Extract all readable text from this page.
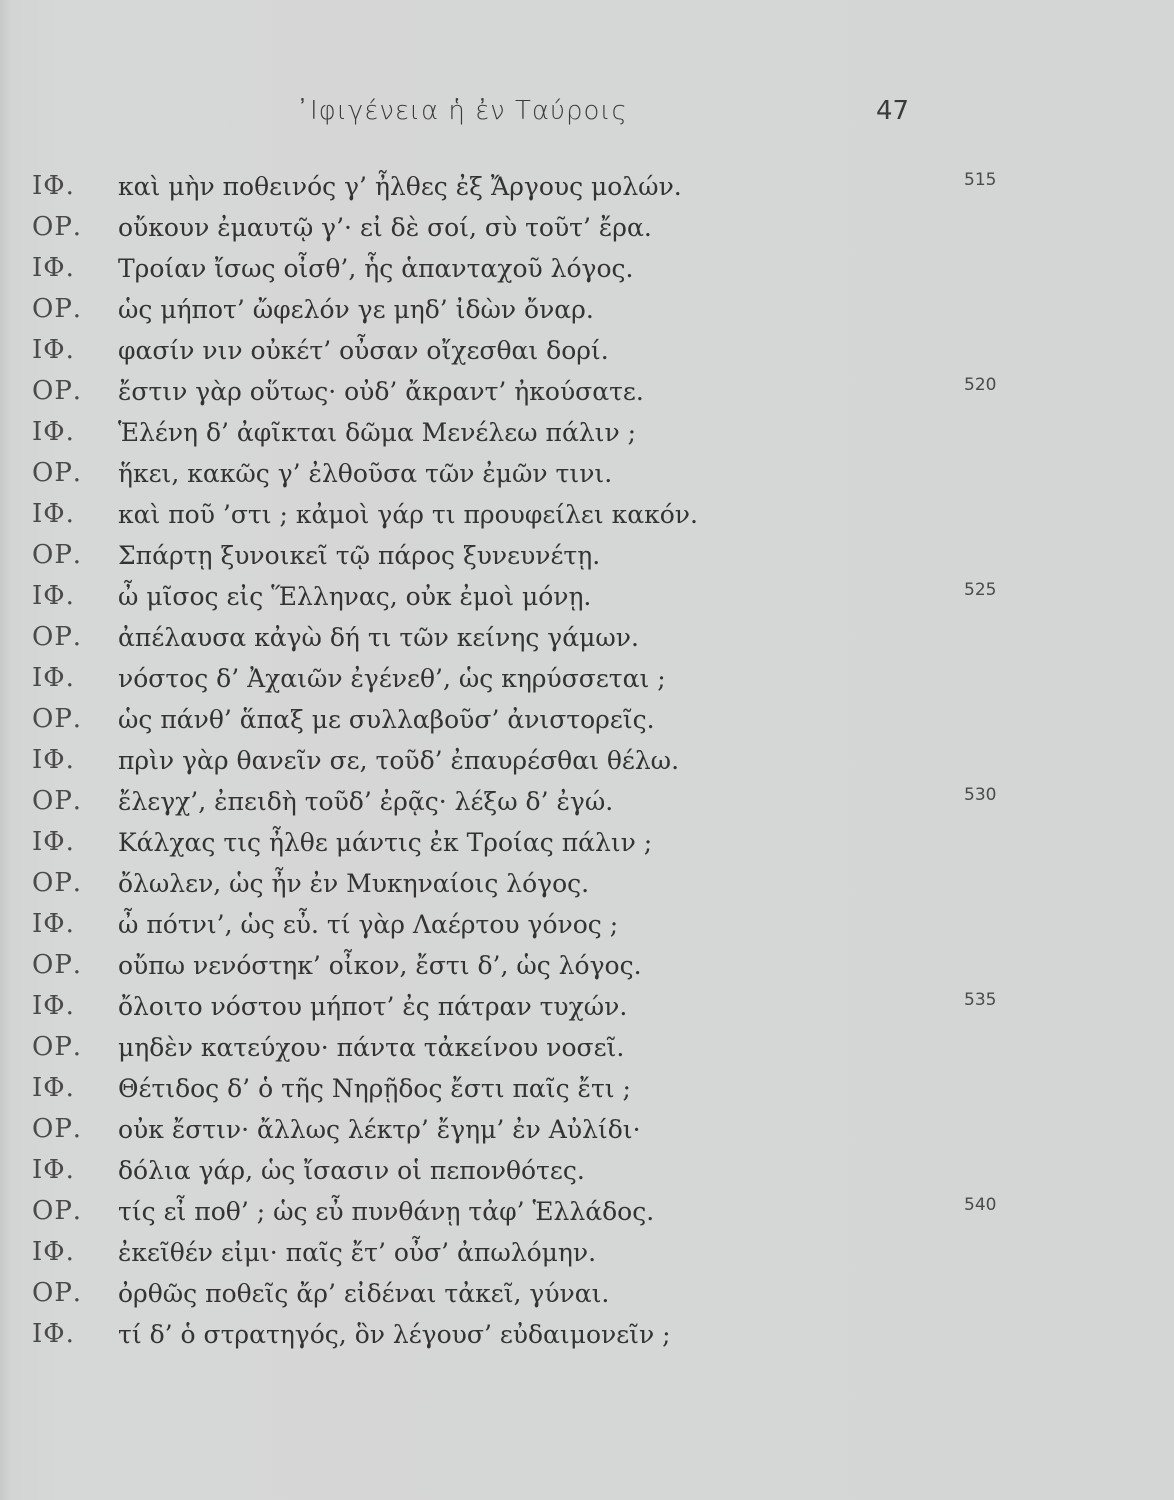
᾿Ιφιγένεια ἡ ἐν Ταύροις	47
ΙΦ. καὶ μὴν ποθεινός γ’ ἦλθες ἐξ Ἄργους μολών.	515
ΟΡ. οὔκουν ἐμαυτῷ γ’· εἰ δὲ σοί, σὺ τοῦτ’ ἔρα.
ΙΦ. Τροίαν ἴσως οἶσθ’, ἧς ἁπανταχοῦ λόγος.
ΟΡ. ὡς μήποτ’ ὤφελόν γε μηδ’ ἰδὼν ὄναρ.
ΙΦ. φασίν νιν οὐκέτ’ οὖσαν οἴχεσθαι δορί.
ΟΡ. ἔστιν γὰρ οὕτως· οὐδ’ ἄκραντ’ ἠκούσατε.	520
ΙΦ. Ἑλένη δ’ ἀφῖκται δῶμα Μενέλεω πάλιν ;
ΟΡ. ἥκει, κακῶς γ’ ἐλθοῦσα τῶν ἐμῶν τινι.
ΙΦ. καὶ ποῦ ’στι ; κἀμοὶ γάρ τι προυφείλει κακόν.
ΟΡ. Σπάρτῃ ξυνοικεῖ τῷ πάρος ξυνευνέτῃ.
ΙΦ. ὦ μῖσος εἰς Ἕλληνας, οὐκ ἐμοὶ μόνῃ.	525
ΟΡ. ἀπέλαυσα κἀγὼ δή τι τῶν κείνης γάμων.
ΙΦ. νόστος δ’ Ἀχαιῶν ἐγένεθ’, ὡς κηρύσσεται ;
ΟΡ. ὡς πάνθ’ ἅπαξ με συλλαβοῦσ’ ἀνιστορεῖς.
ΙΦ. πρὶν γὰρ θανεῖν σε, τοῦδ’ ἐπαυρέσθαι θέλω.
ΟΡ. ἔλεγχ’, ἐπειδὴ τοῦδ’ ἐρᾷς· λέξω δ’ ἐγώ.	530
ΙΦ. Κάλχας τις ἦλθε μάντις ἐκ Τροίας πάλιν ;
ΟΡ. ὄλωλεν, ὡς ἦν ἐν Μυκηναίοις λόγος.
ΙΦ. ὦ πότνι’, ὡς εὖ. τί γὰρ Λαέρτου γόνος ;
ΟΡ. οὔπω νενόστηκ’ οἶκον, ἔστι δ’, ὡς λόγος.
ΙΦ. ὄλοιτο νόστου μήποτ’ ἐς πάτραν τυχών.	535
ΟΡ. μηδὲν κατεύχου· πάντα τἀκείνου νοσεῖ.
ΙΦ. Θέτιδος δ’ ὁ τῆς Νηρῇδος ἔστι παῖς ἔτι ;
ΟΡ. οὐκ ἔστιν· ἄλλως λέκτρ’ ἔγημ’ ἐν Αὐλίδι·
ΙΦ. δόλια γάρ, ὡς ἴσασιν οἱ πεπονθότες.
ΟΡ. τίς εἶ ποθ’ ; ὡς εὖ πυνθάνῃ τἀφ’ Ἑλλάδος.	540
ΙΦ. ἐκεῖθέν εἰμι· παῖς ἔτ’ οὖσ’ ἀπωλόμην.
ΟΡ. ὀρθῶς ποθεῖς ἄρ’ εἰδέναι τἀκεῖ, γύναι.
ΙΦ. τί δ’ ὁ στρατηγός, ὃν λέγουσ’ εὐδαιμονεῖν ;
